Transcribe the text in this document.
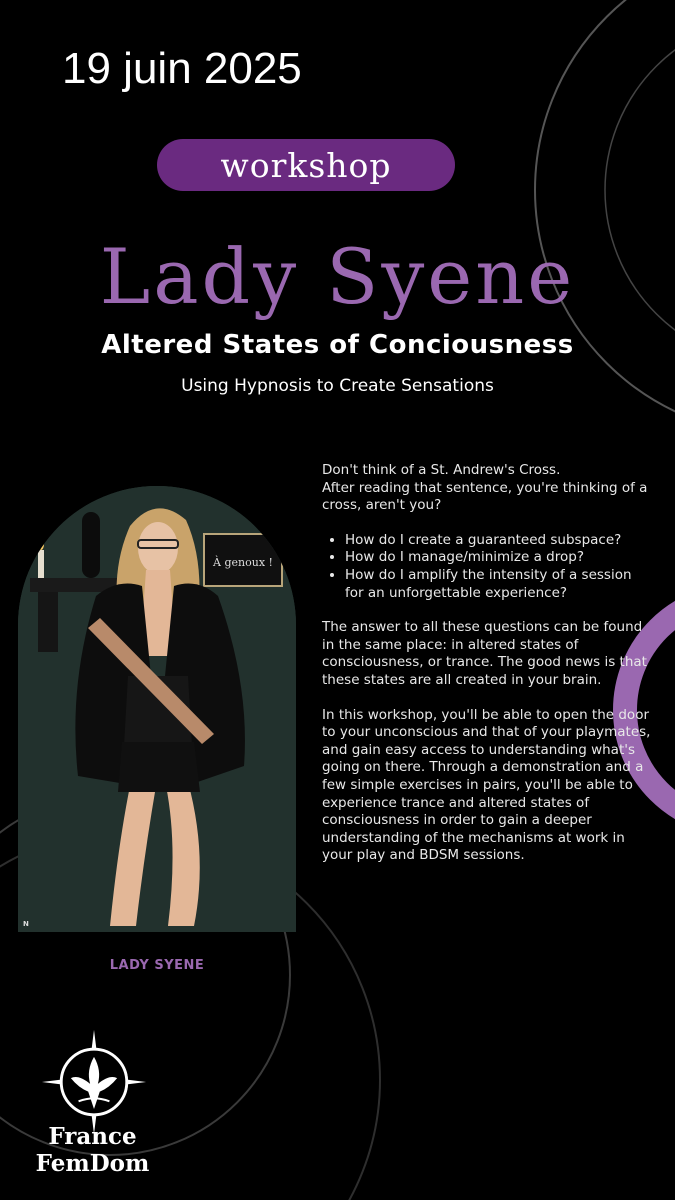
19 juin 2025
workshop
Lady Syene
Altered States of Conciousness
Using Hypnosis to Create Sensations
À genoux !
N
LADY SYENE

Don't think of a St. Andrew's Cross.

After reading that sentence, you're thinking of a cross, aren't you?

• How do I create a guaranteed subspace?
• How do I manage/minimize a drop?
• How do I amplify the intensity of a session for an unforgettable experience?

The answer to all these questions can be found in the same place: in altered states of consciousness, or trance. The good news is that these states are all created in your brain.

In this workshop, you'll be able to open the door to your unconscious and that of your playmates, and gain easy access to understanding what's going on there. Through a demonstration and a few simple exercises in pairs, you'll be able to experience trance and altered states of consciousness in order to gain a deeper understanding of the mechanisms at work in your play and BDSM sessions.

France
FemDom
